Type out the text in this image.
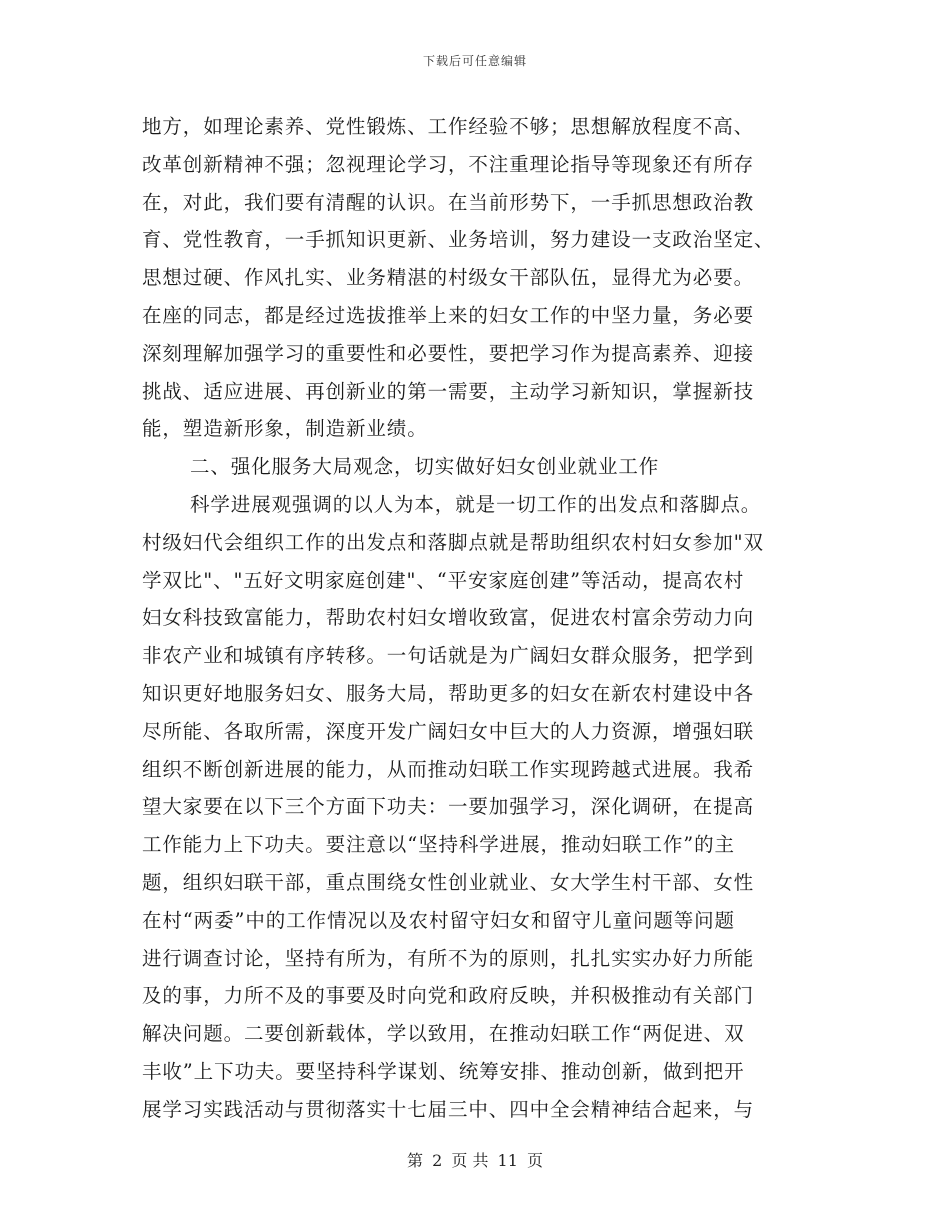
下载后可任意编辑
地方，如理论素养、党性锻炼、工作经验不够；思想解放程度不高、
改革创新精神不强；忽视理论学习，不注重理论指导等现象还有所存
在，对此，我们要有清醒的认识。在当前形势下，一手抓思想政治教
育、党性教育，一手抓知识更新、业务培训，努力建设一支政治坚定、
思想过硬、作风扎实、业务精湛的村级女干部队伍，显得尤为必要。
在座的同志，都是经过选拔推举上来的妇女工作的中坚力量，务必要
深刻理解加强学习的重要性和必要性，要把学习作为提高素养、迎接
挑战、适应进展、再创新业的第一需要，主动学习新知识，掌握新技
能，塑造新形象，制造新业绩。
二、强化服务大局观念，切实做好妇女创业就业工作
科学进展观强调的以人为本，就是一切工作的出发点和落脚点。
村级妇代会组织工作的出发点和落脚点就是帮助组织农村妇女参加"双
学双比"、"五好文明家庭创建"、“平安家庭创建”等活动，提高农村
妇女科技致富能力，帮助农村妇女增收致富，促进农村富余劳动力向
非农产业和城镇有序转移。一句话就是为广阔妇女群众服务，把学到
知识更好地服务妇女、服务大局，帮助更多的妇女在新农村建设中各
尽所能、各取所需，深度开发广阔妇女中巨大的人力资源，增强妇联
组织不断创新进展的能力，从而推动妇联工作实现跨越式进展。我希
望大家要在以下三个方面下功夫：一要加强学习，深化调研，在提高
工作能力上下功夫。要注意以“坚持科学进展，推动妇联工作”的主
题，组织妇联干部，重点围绕女性创业就业、女大学生村干部、女性
在村“两委”中的工作情况以及农村留守妇女和留守儿童问题等问题
进行调查讨论，坚持有所为，有所不为的原则，扎扎实实办好力所能
及的事，力所不及的事要及时向党和政府反映，并积极推动有关部门
解决问题。二要创新载体，学以致用，在推动妇联工作“两促进、双
丰收”上下功夫。要坚持科学谋划、统筹安排、推动创新，做到把开
展学习实践活动与贯彻落实十七届三中、四中全会精神结合起来，与
第 2 页 共 11 页
